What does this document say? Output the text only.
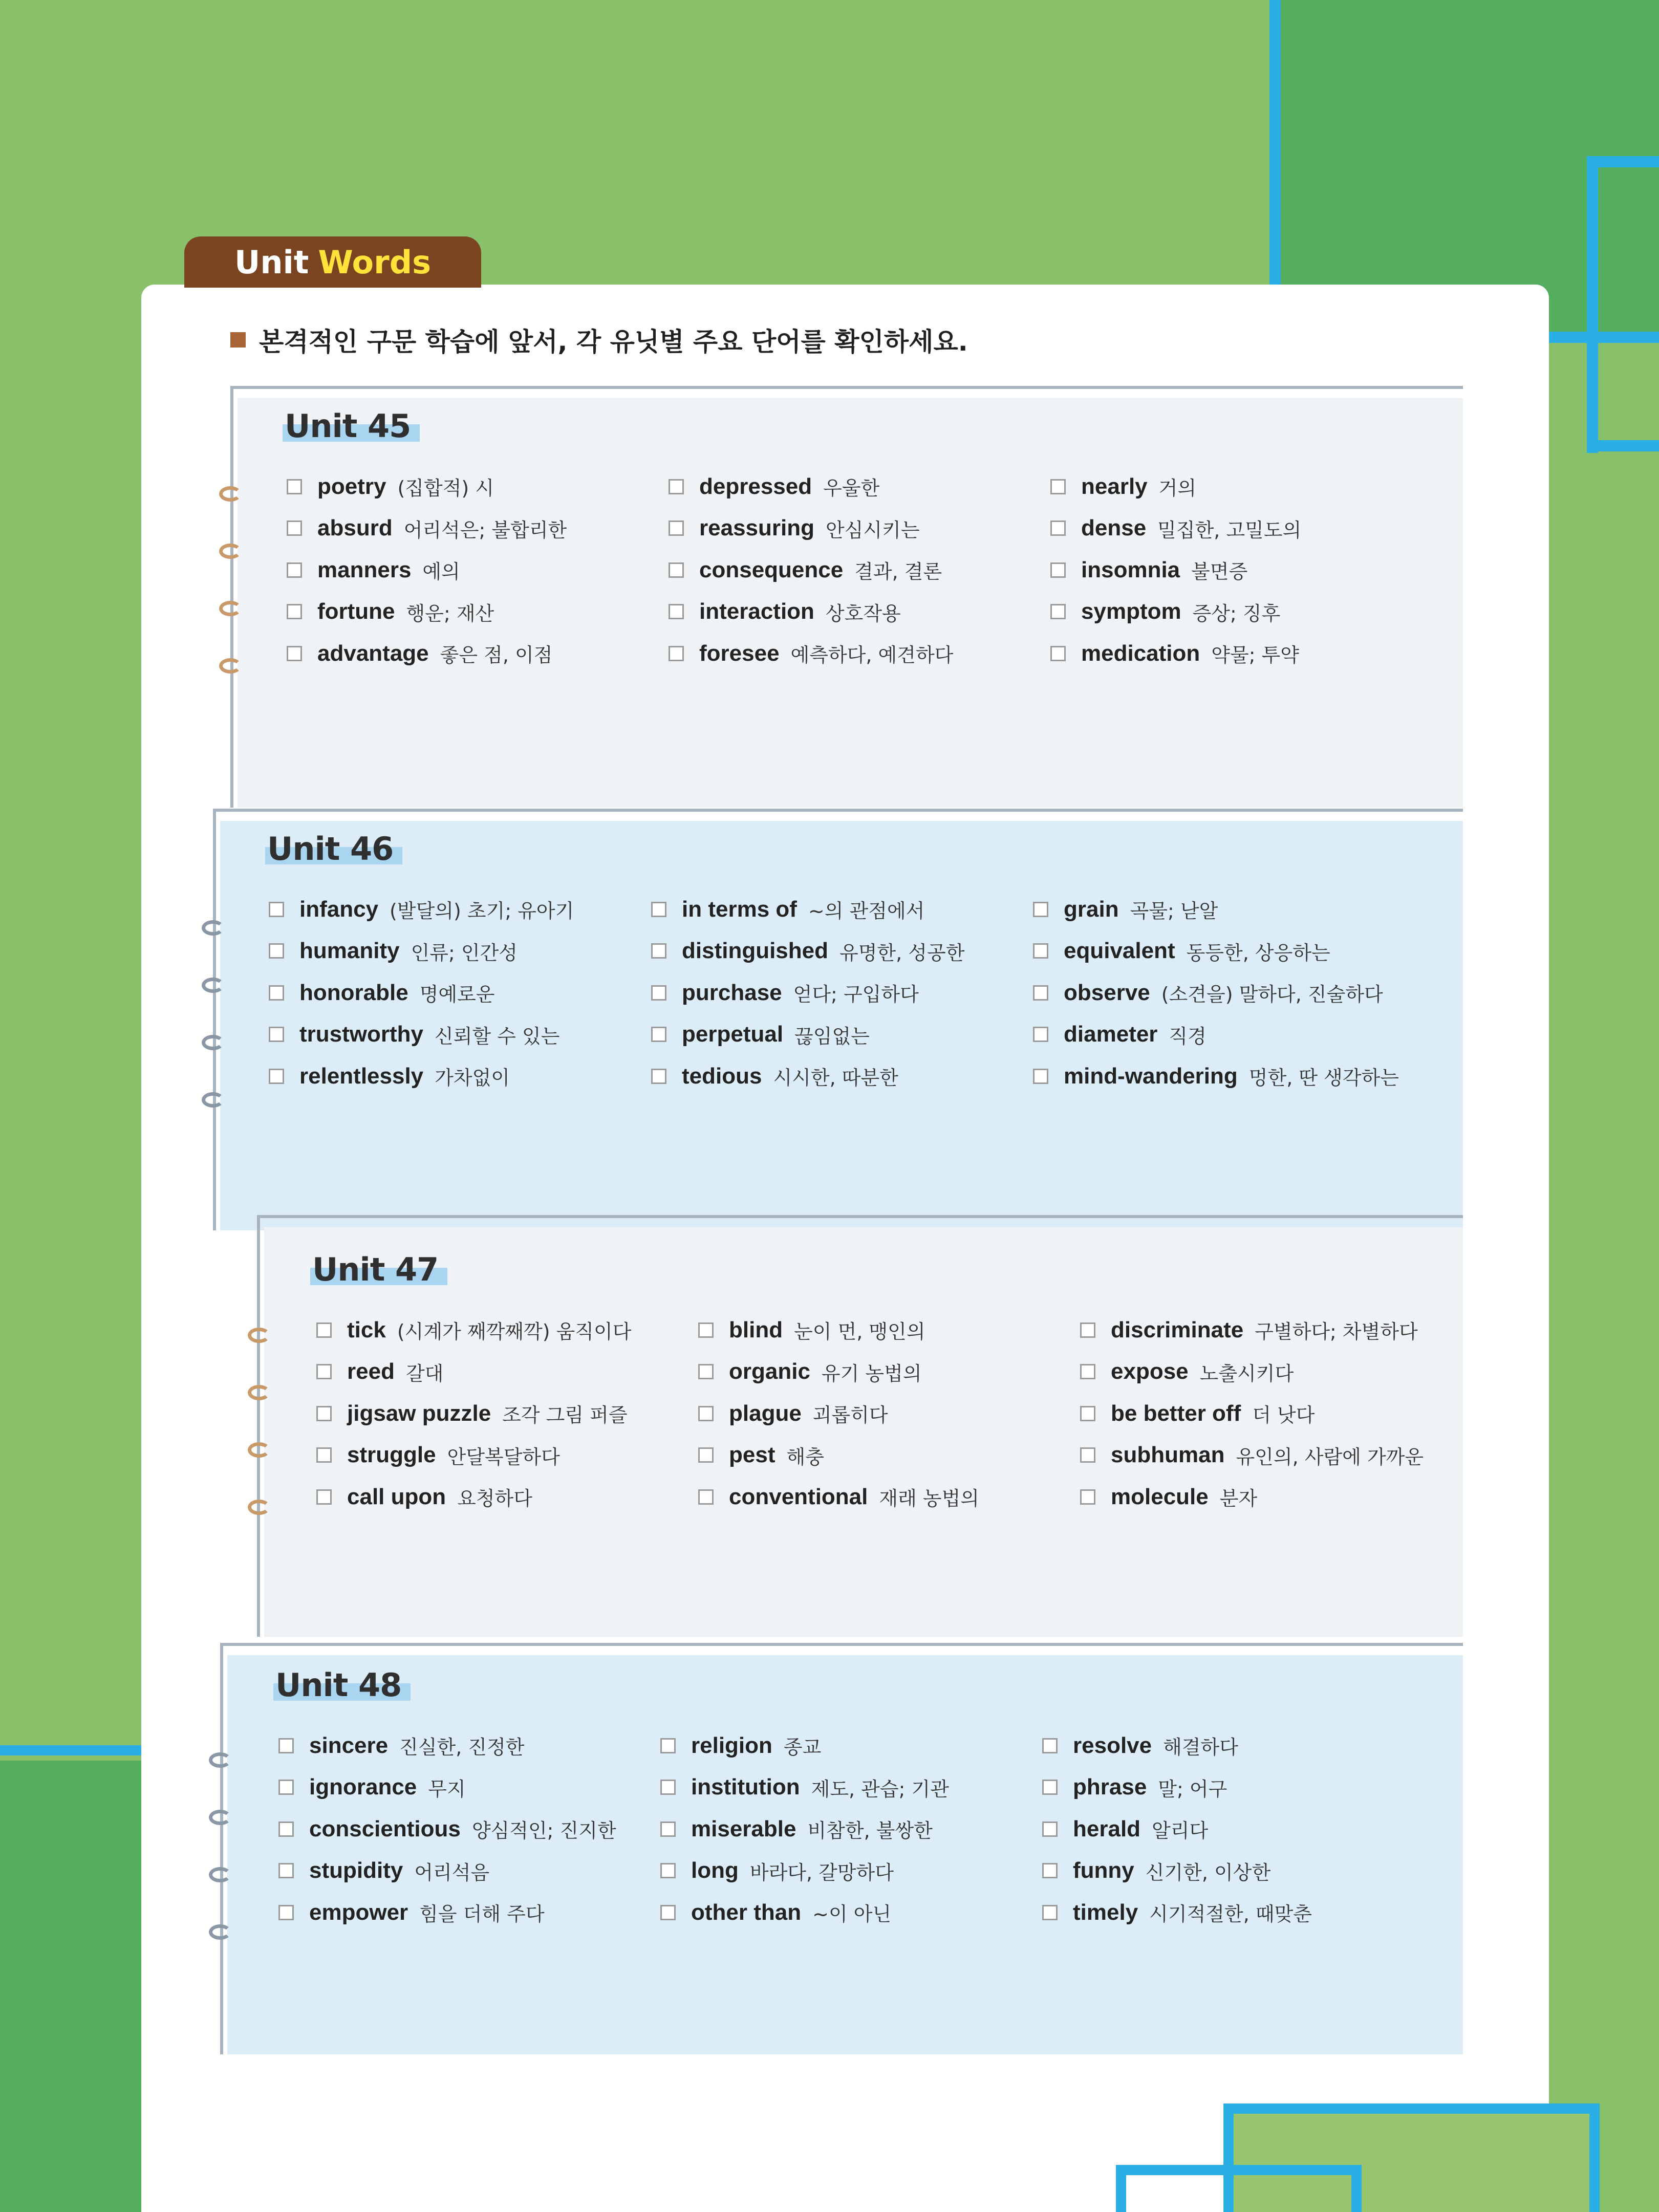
Unit Words
본격적인 구문 학습에 앞서, 각 유닛별 주요 단어를 확인하세요.
Unit 45
poetry (집합적) 시
absurd 어리석은; 불합리한
manners 예의
fortune 행운; 재산
advantage 좋은 점, 이점
depressed 우울한
reassuring 안심시키는
consequence 결과, 결론
interaction 상호작용
foresee 예측하다, 예견하다
nearly 거의
dense 밀집한, 고밀도의
insomnia 불면증
symptom 증상; 징후
medication 약물; 투약
Unit 46
infancy (발달의) 초기; 유아기
humanity 인류; 인간성
honorable 명예로운
trustworthy 신뢰할 수 있는
relentlessly 가차없이
in terms of ~의 관점에서
distinguished 유명한, 성공한
purchase 얻다; 구입하다
perpetual 끊임없는
tedious 시시한, 따분한
grain 곡물; 낟알
equivalent 동등한, 상응하는
observe (소견을) 말하다, 진술하다
diameter 직경
mind-wandering 멍한, 딴 생각하는
Unit 47
tick (시계가 째깍째깍) 움직이다
reed 갈대
jigsaw puzzle 조각 그림 퍼즐
struggle 안달복달하다
call upon 요청하다
blind 눈이 먼, 맹인의
organic 유기 농법의
plague 괴롭히다
pest 해충
conventional 재래 농법의
discriminate 구별하다; 차별하다
expose 노출시키다
be better off 더 낫다
subhuman 유인의, 사람에 가까운
molecule 분자
Unit 48
sincere 진실한, 진정한
ignorance 무지
conscientious 양심적인; 진지한
stupidity 어리석음
empower 힘을 더해 주다
religion 종교
institution 제도, 관습; 기관
miserable 비참한, 불쌍한
long 바라다, 갈망하다
other than ~이 아닌
resolve 해결하다
phrase 말; 어구
herald 알리다
funny 신기한, 이상한
timely 시기적절한, 때맞춘
